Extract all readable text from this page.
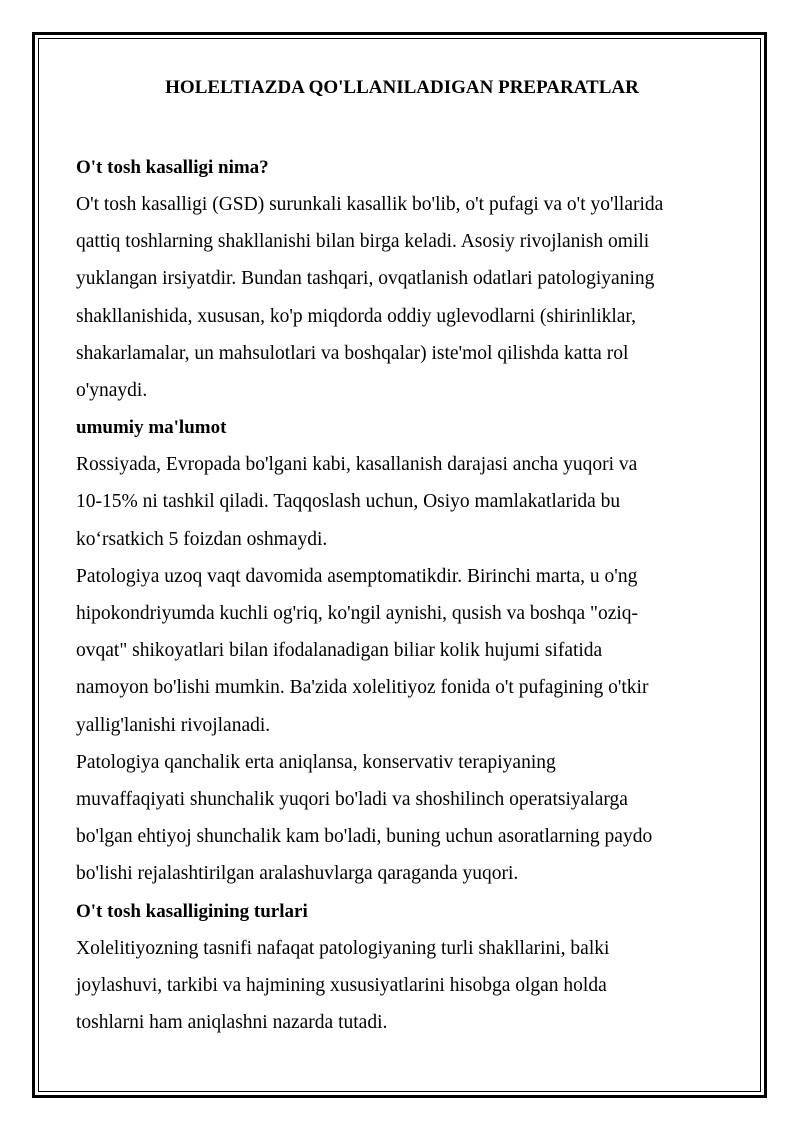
HOLELTIAZDA QO'LLANILADIGAN PREPARATLAR

O't tosh kasalligi nima?

O't tosh kasalligi (GSD) surunkali kasallik bo'lib, o't pufagi va o't yo'llarida
qattiq toshlarning shakllanishi bilan birga keladi. Asosiy rivojlanish omili
yuklangan irsiyatdir. Bundan tashqari, ovqatlanish odatlari patologiyaning
shakllanishida, xususan, ko'p miqdorda oddiy uglevodlarni (shirinliklar,
shakarlamalar, un mahsulotlari va boshqalar) iste'mol qilishda katta rol
o'ynaydi.

umumiy ma'lumot

Rossiyada, Evropada bo'lgani kabi, kasallanish darajasi ancha yuqori va
10-15% ni tashkil qiladi. Taqqoslash uchun, Osiyo mamlakatlarida bu
ko‘rsatkich 5 foizdan oshmaydi.

Patologiya uzoq vaqt davomida asemptomatikdir. Birinchi marta, u o'ng
hipokondriyumda kuchli og'riq, ko'ngil aynishi, qusish va boshqa "oziq-
ovqat" shikoyatlari bilan ifodalanadigan biliar kolik hujumi sifatida
namoyon bo'lishi mumkin. Ba'zida xolelitiyoz fonida o't pufagining o'tkir
yallig'lanishi rivojlanadi.

Patologiya qanchalik erta aniqlansa, konservativ terapiyaning
muvaffaqiyati shunchalik yuqori bo'ladi va shoshilinch operatsiyalarga
bo'lgan ehtiyoj shunchalik kam bo'ladi, buning uchun asoratlarning paydo
bo'lishi rejalashtirilgan aralashuvlarga qaraganda yuqori.

O't tosh kasalligining turlari

Xolelitiyozning tasnifi nafaqat patologiyaning turli shakllarini, balki
joylashuvi, tarkibi va hajmining xususiyatlarini hisobga olgan holda
toshlarni ham aniqlashni nazarda tutadi.
